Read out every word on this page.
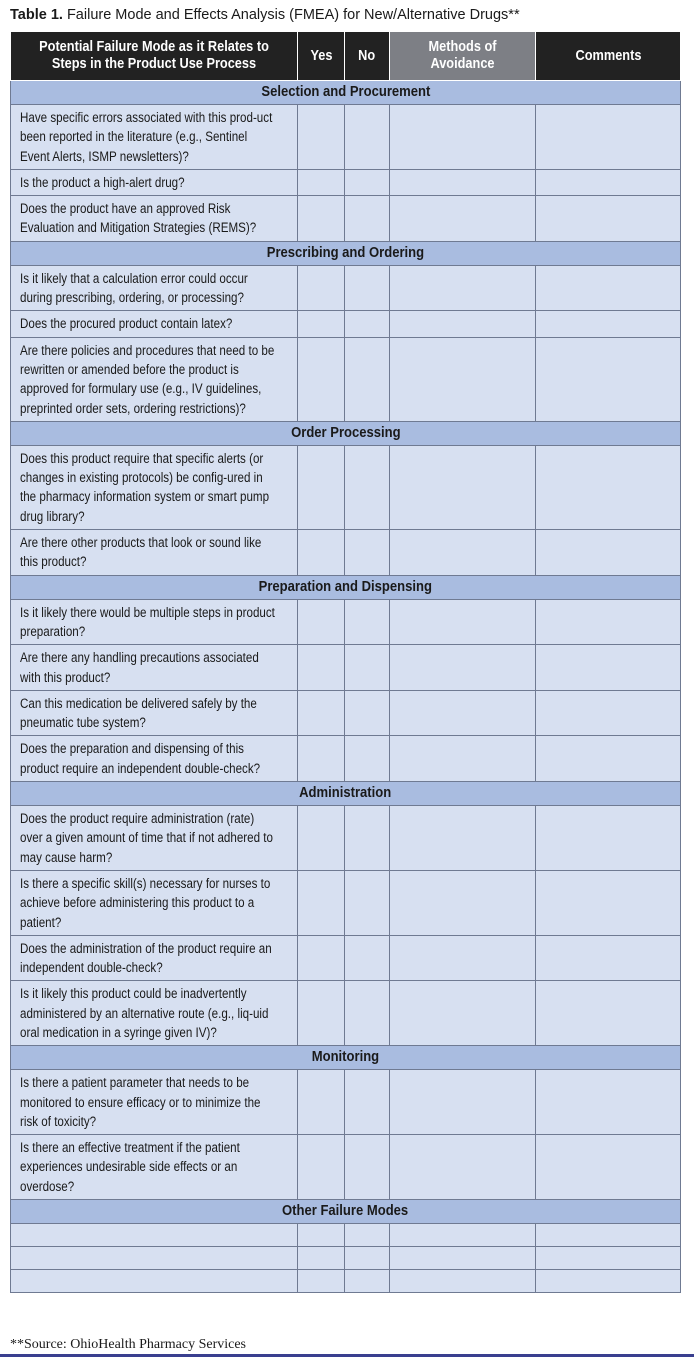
Table 1. Failure Mode and Effects Analysis (FMEA) for New/Alternative Drugs**
Potential Failure Mode as it Relates to Steps in the Product Use Process	Yes	No	Methods of Avoidance	Comments
Selection and Procurement				

Have specific errors associated with this prod-uct been reported in the literature (e.g., Sentinel Event Alerts, ISMP newsletters)?				

Is the product a high-alert drug?				

Does the product have an approved Risk Evaluation and Mitigation Strategies (REMS)?				

Prescribing and Ordering				

Is it likely that a calculation error could occur during prescribing, ordering, or processing?				

Does the procured product contain latex?				

Are there policies and procedures that need to be rewritten or amended before the product is approved for formulary use (e.g., IV guidelines, preprinted order sets, ordering restrictions)?				

Order Processing				

Does this product require that specific alerts (or changes in existing protocols) be config-ured in the pharmacy information system or smart pump drug library?				

Are there other products that look or sound like this product?				

Preparation and Dispensing				

Is it likely there would be multiple steps in product preparation?				

Are there any handling precautions associated with this product?				

Can this medication be delivered safely by the pneumatic tube system?				

Does the preparation and dispensing of this product require an independent double-check?				

Administration				

Does the product require administration (rate) over a given amount of time that if not adhered to may cause harm?				

Is there a specific skill(s) necessary for nurses to achieve before administering this product to a patient?				

Does the administration of the product require an independent double-check?				

Is it likely this product could be inadvertently administered by an alternative route (e.g., liq-uid oral medication in a syringe given IV)?				

Monitoring				

Is there a patient parameter that needs to be monitored to ensure efficacy or to minimize the risk of toxicity?				

Is there an effective treatment if the patient experiences undesirable side effects or an overdose?				

Other Failure Modes				

**Source: OhioHealth Pharmacy Services
